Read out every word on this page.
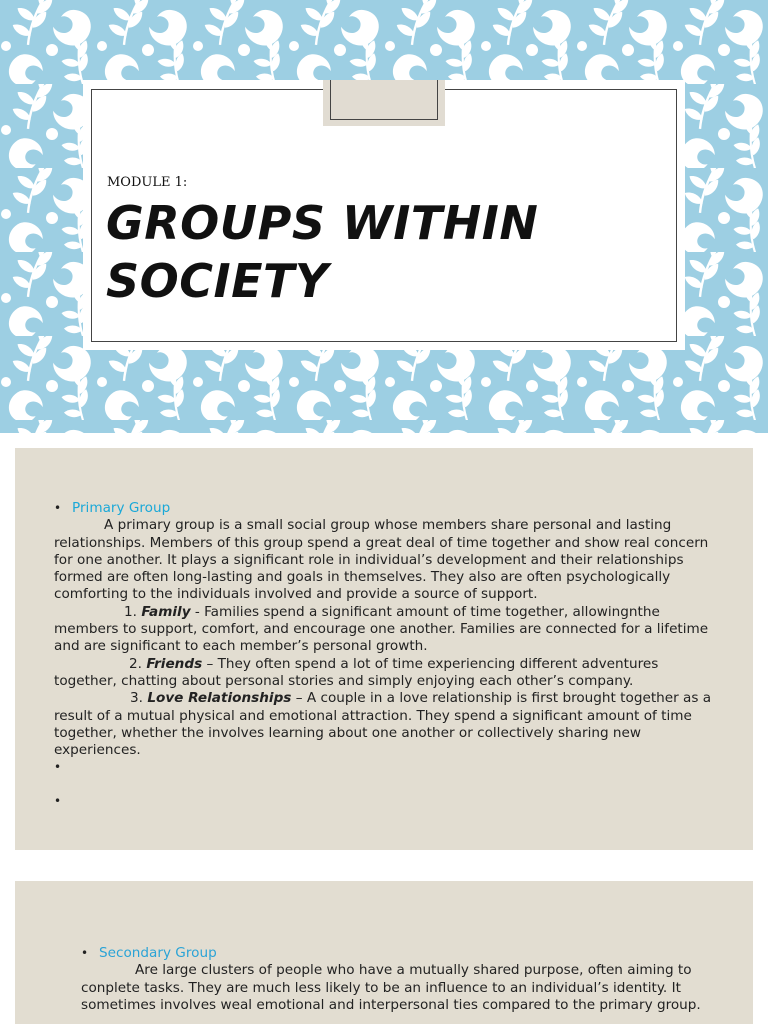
MODULE 1:

GROUPS WITHIN SOCIETY

• Primary Group

A primary group is a small social group whose members share personal and lasting relationships. Members of this group spend a great deal of time together and show real concern for one another. It plays a significant role in individual’s development and their relationships formed are often long-lasting and goals in themselves. They also are often psychologically comforting to the individuals involved and provide a source of support.

1. Family - Families spend a significant amount of time together, allowingnthe members to support, comfort, and encourage one another. Families are connected for a lifetime and are significant to each member’s personal growth.

2. Friends – They often spend a lot of time experiencing different adventures together, chatting about personal stories and simply enjoying each other’s company.

3. Love Relationships – A couple in a love relationship is first brought together as a result of a mutual physical and emotional attraction. They spend a significant amount of time together, whether the involves learning about one another or collectively sharing new experiences.

•

•

• Secondary Group

Are large clusters of people who have a mutually shared purpose, often aiming to conplete tasks. They are much less likely to be an influence to an individual’s identity. It sometimes involves weal emotional and interpersonal ties compared to the primary group.
